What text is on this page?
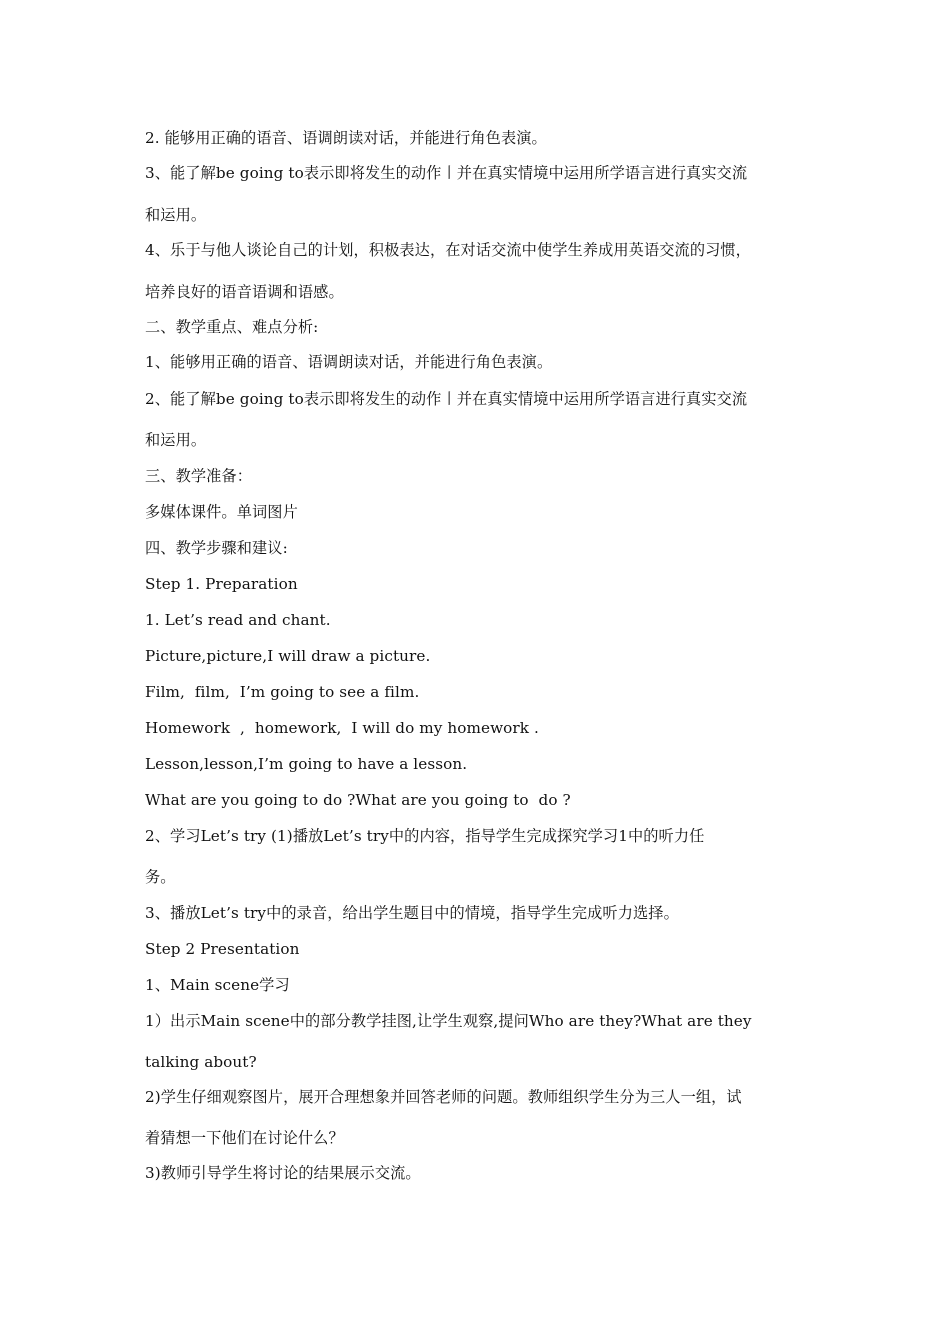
2. 能够用正确的语音、语调朗读对话，并能进行角色表演。
3、能了解be going to表示即将发生的动作〡并在真实情境中运用所学语言进行真实交流
和运用。
4、乐于与他人谈论自己的计划，积极表达，在对话交流中使学生养成用英语交流的习惯，
培养良好的语音语调和语感。
二、教学重点、难点分析:
1、能够用正确的语音、语调朗读对话，并能进行角色表演。
2、能了解be going to表示即将发生的动作〡并在真实情境中运用所学语言进行真实交流
和运用。
三、教学准备：
多媒体课件。单词图片
四、教学步骤和建议:
Step 1. Preparation
1. Let’s read and chant.
Picture,picture,I will draw a picture.
Film,  film,  I’m going to see a film.
Homework  ,  homework,  I will do my homework .
Lesson,lesson,I’m going to have a lesson.
What are you going to do ?What are you going to  do ?
2、学习Let’s try (1)播放Let’s try中的内容，指导学生完成探究学习1中的听力任
务。
3、播放Let’s try中的录音，给出学生题目中的情境，指导学生完成听力选择。
Step 2 Presentation
1、Main scene学习
1）出示Main scene中的部分教学挂图,让学生观察,提问Who are they?What are they
talking about?
2)学生仔细观察图片，展开合理想象并回答老师的问题。教师组织学生分为三人一组，试
着猜想一下他们在讨论什么？
3)教师引导学生将讨论的结果展示交流。
